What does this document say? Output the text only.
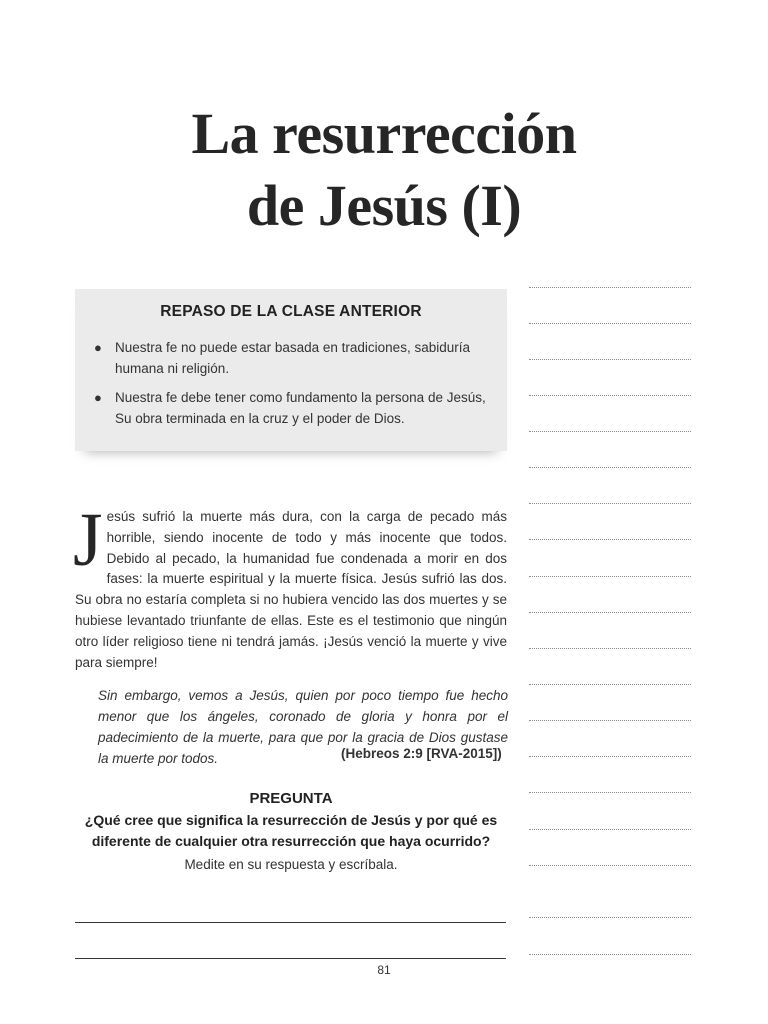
La resurrección
de Jesús (I)
REPASO DE LA CLASE ANTERIOR
● Nuestra fe no puede estar basada en tradiciones, sabiduría humana ni religión.
● Nuestra fe debe tener como fundamento la persona de Jesús, Su obra terminada en la cruz y el poder de Dios.
J esús sufrió la muerte más dura, con la carga de pecado más horrible, siendo inocente de todo y más inocente que todos. Debido al pecado, la humanidad fue condenada a morir en dos fases: la muerte espiritual y la muerte física. Jesús sufrió las dos. Su obra no estaría completa si no hubiera vencido las dos muertes y se hubiese levantado triunfante de ellas. Este es el testimonio que ningún otro líder religioso tiene ni tendrá jamás. ¡Jesús venció la muerte y vive para siempre!
Sin embargo, vemos a Jesús, quien por poco tiempo fue hecho menor que los ángeles, coronado de gloria y honra por el padecimiento de la muerte, para que por la gracia de Dios gustase la muerte por todos.	(Hebreos 2:9 [RVA-2015])
PREGUNTA
¿Qué cree que significa la resurrección de Jesús y por qué es diferente de cualquier otra resurrección que haya ocurrido?
Medite en su respuesta y escríbala.
81
